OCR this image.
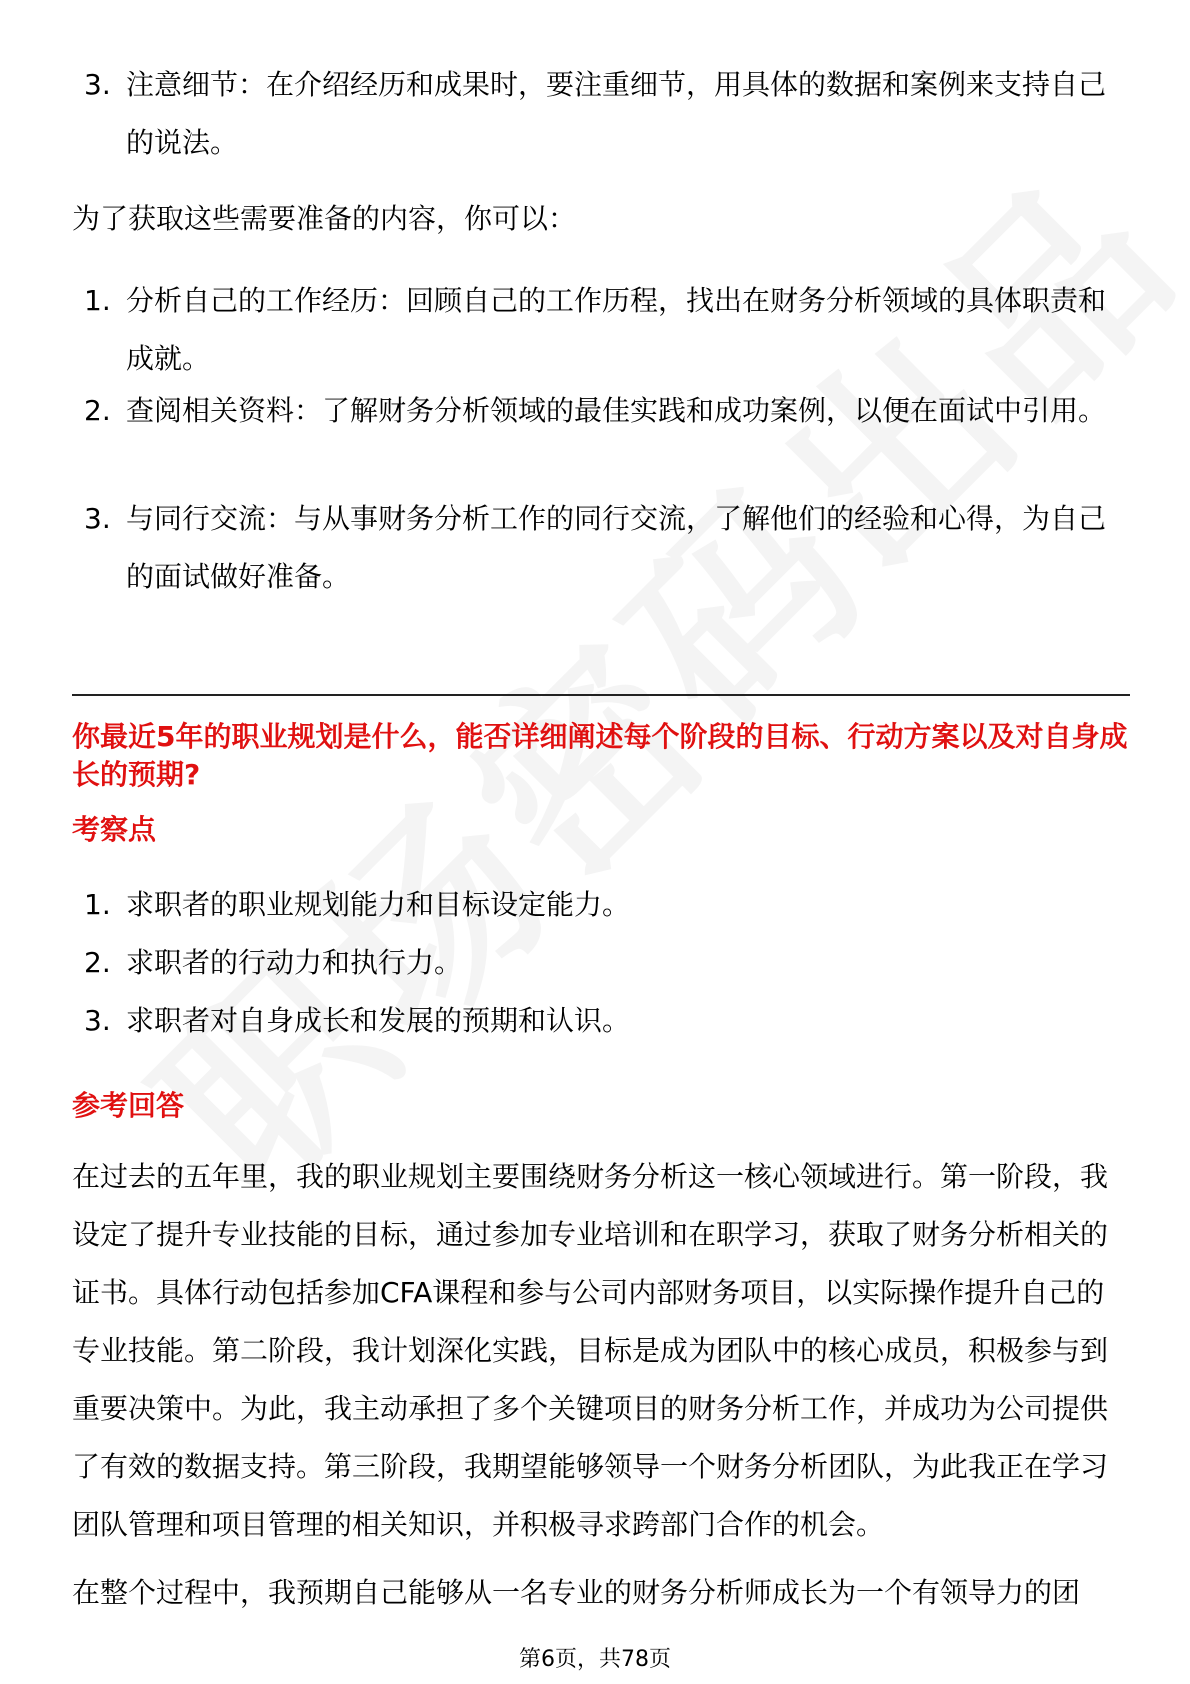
3. 注意细节：在介绍经历和成果时，要注重细节，用具体的数据和案例来支持自己的说法。
为了获取这些需要准备的内容，你可以：
1. 分析自己的工作经历：回顾自己的工作历程，找出在财务分析领域的具体职责和成就。
2. 查阅相关资料：了解财务分析领域的最佳实践和成功案例，以便在面试中引用。
3. 与同行交流：与从事财务分析工作的同行交流，了解他们的经验和心得，为自己的面试做好准备。
你最近5年的职业规划是什么，能否详细阐述每个阶段的目标、行动方案以及对自身成长的预期?
考察点
1. 求职者的职业规划能力和目标设定能力。
2. 求职者的行动力和执行力。
3. 求职者对自身成长和发展的预期和认识。
参考回答
在过去的五年里，我的职业规划主要围绕财务分析这一核心领域进行。第一阶段，我设定了提升专业技能的目标，通过参加专业培训和在职学习，获取了财务分析相关的证书。具体行动包括参加CFA课程和参与公司内部财务项目，以实际操作提升自己的专业技能。第二阶段，我计划深化实践，目标是成为团队中的核心成员，积极参与到重要决策中。为此，我主动承担了多个关键项目的财务分析工作，并成功为公司提供了有效的数据支持。第三阶段，我期望能够领导一个财务分析团队，为此我正在学习团队管理和项目管理的相关知识，并积极寻求跨部门合作的机会。
在整个过程中，我预期自己能够从一名专业的财务分析师成长为一个有领导力的团
第6页，共78页
